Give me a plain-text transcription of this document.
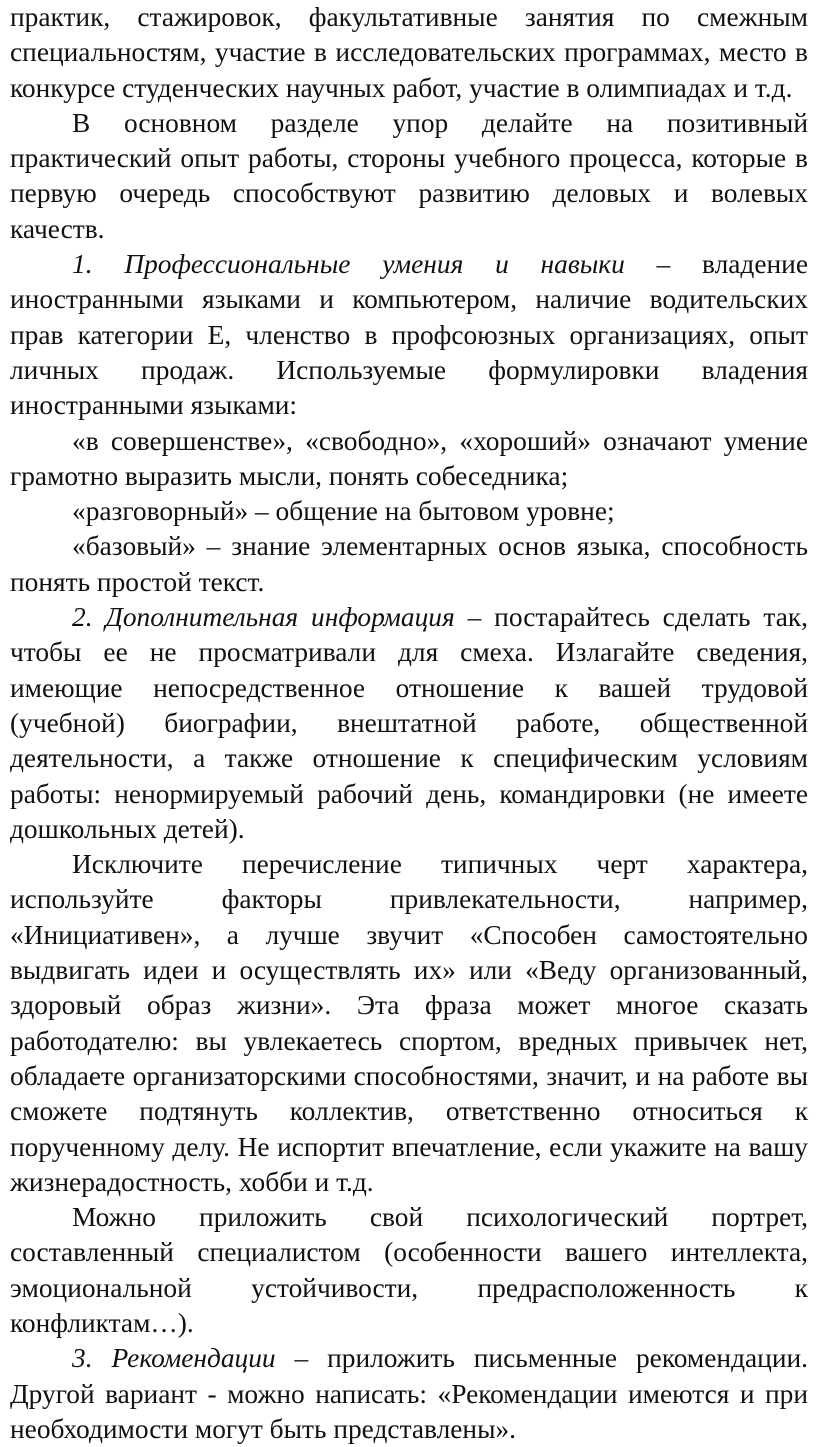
практик, стажировок, факультативные занятия по смежным специальностям, участие в исследовательских программах, место в конкурсе студенческих научных работ, участие в олимпиадах и т.д.

В основном разделе упор делайте на позитивный практический опыт работы, стороны учебного процесса, которые в первую очередь способствуют развитию деловых и волевых качеств.

1. Профессиональные умения и навыки – владение иностранными языками и компьютером, наличие водительских прав категории Е, членство в профсоюзных организациях, опыт личных продаж. Используемые формулировки владения иностранными языками:

«в совершенстве», «свободно», «хороший» означают умение грамотно выразить мысли, понять собеседника;

«разговорный» – общение на бытовом уровне;

«базовый» – знание элементарных основ языка, способность понять простой текст.

2. Дополнительная информация – постарайтесь сделать так, чтобы ее не просматривали для смеха. Излагайте сведения, имеющие непосредственное отношение к вашей трудовой (учебной) биографии, внештатной работе, общественной деятельности, а также отношение к специфическим условиям работы: ненормируемый рабочий день, командировки (не имеете дошкольных детей).

Исключите перечисление типичных черт характера, используйте факторы привлекательности, например, «Инициативен», а лучше звучит «Способен самостоятельно выдвигать идеи и осуществлять их» или «Веду организованный, здоровый образ жизни». Эта фраза может многое сказать работодателю: вы увлекаетесь спортом, вредных привычек нет, обладаете организаторскими способностями, значит, и на работе вы сможете подтянуть коллектив, ответственно относиться к порученному делу. Не испортит впечатление, если укажите на вашу жизнерадостность, хобби и т.д.

Можно приложить свой психологический портрет, составленный специалистом (особенности вашего интеллекта, эмоциональной устойчивости, предрасположенность к конфликтам…).

3. Рекомендации – приложить письменные рекомендации. Другой вариант - можно написать: «Рекомендации имеются и при необходимости могут быть представлены».
